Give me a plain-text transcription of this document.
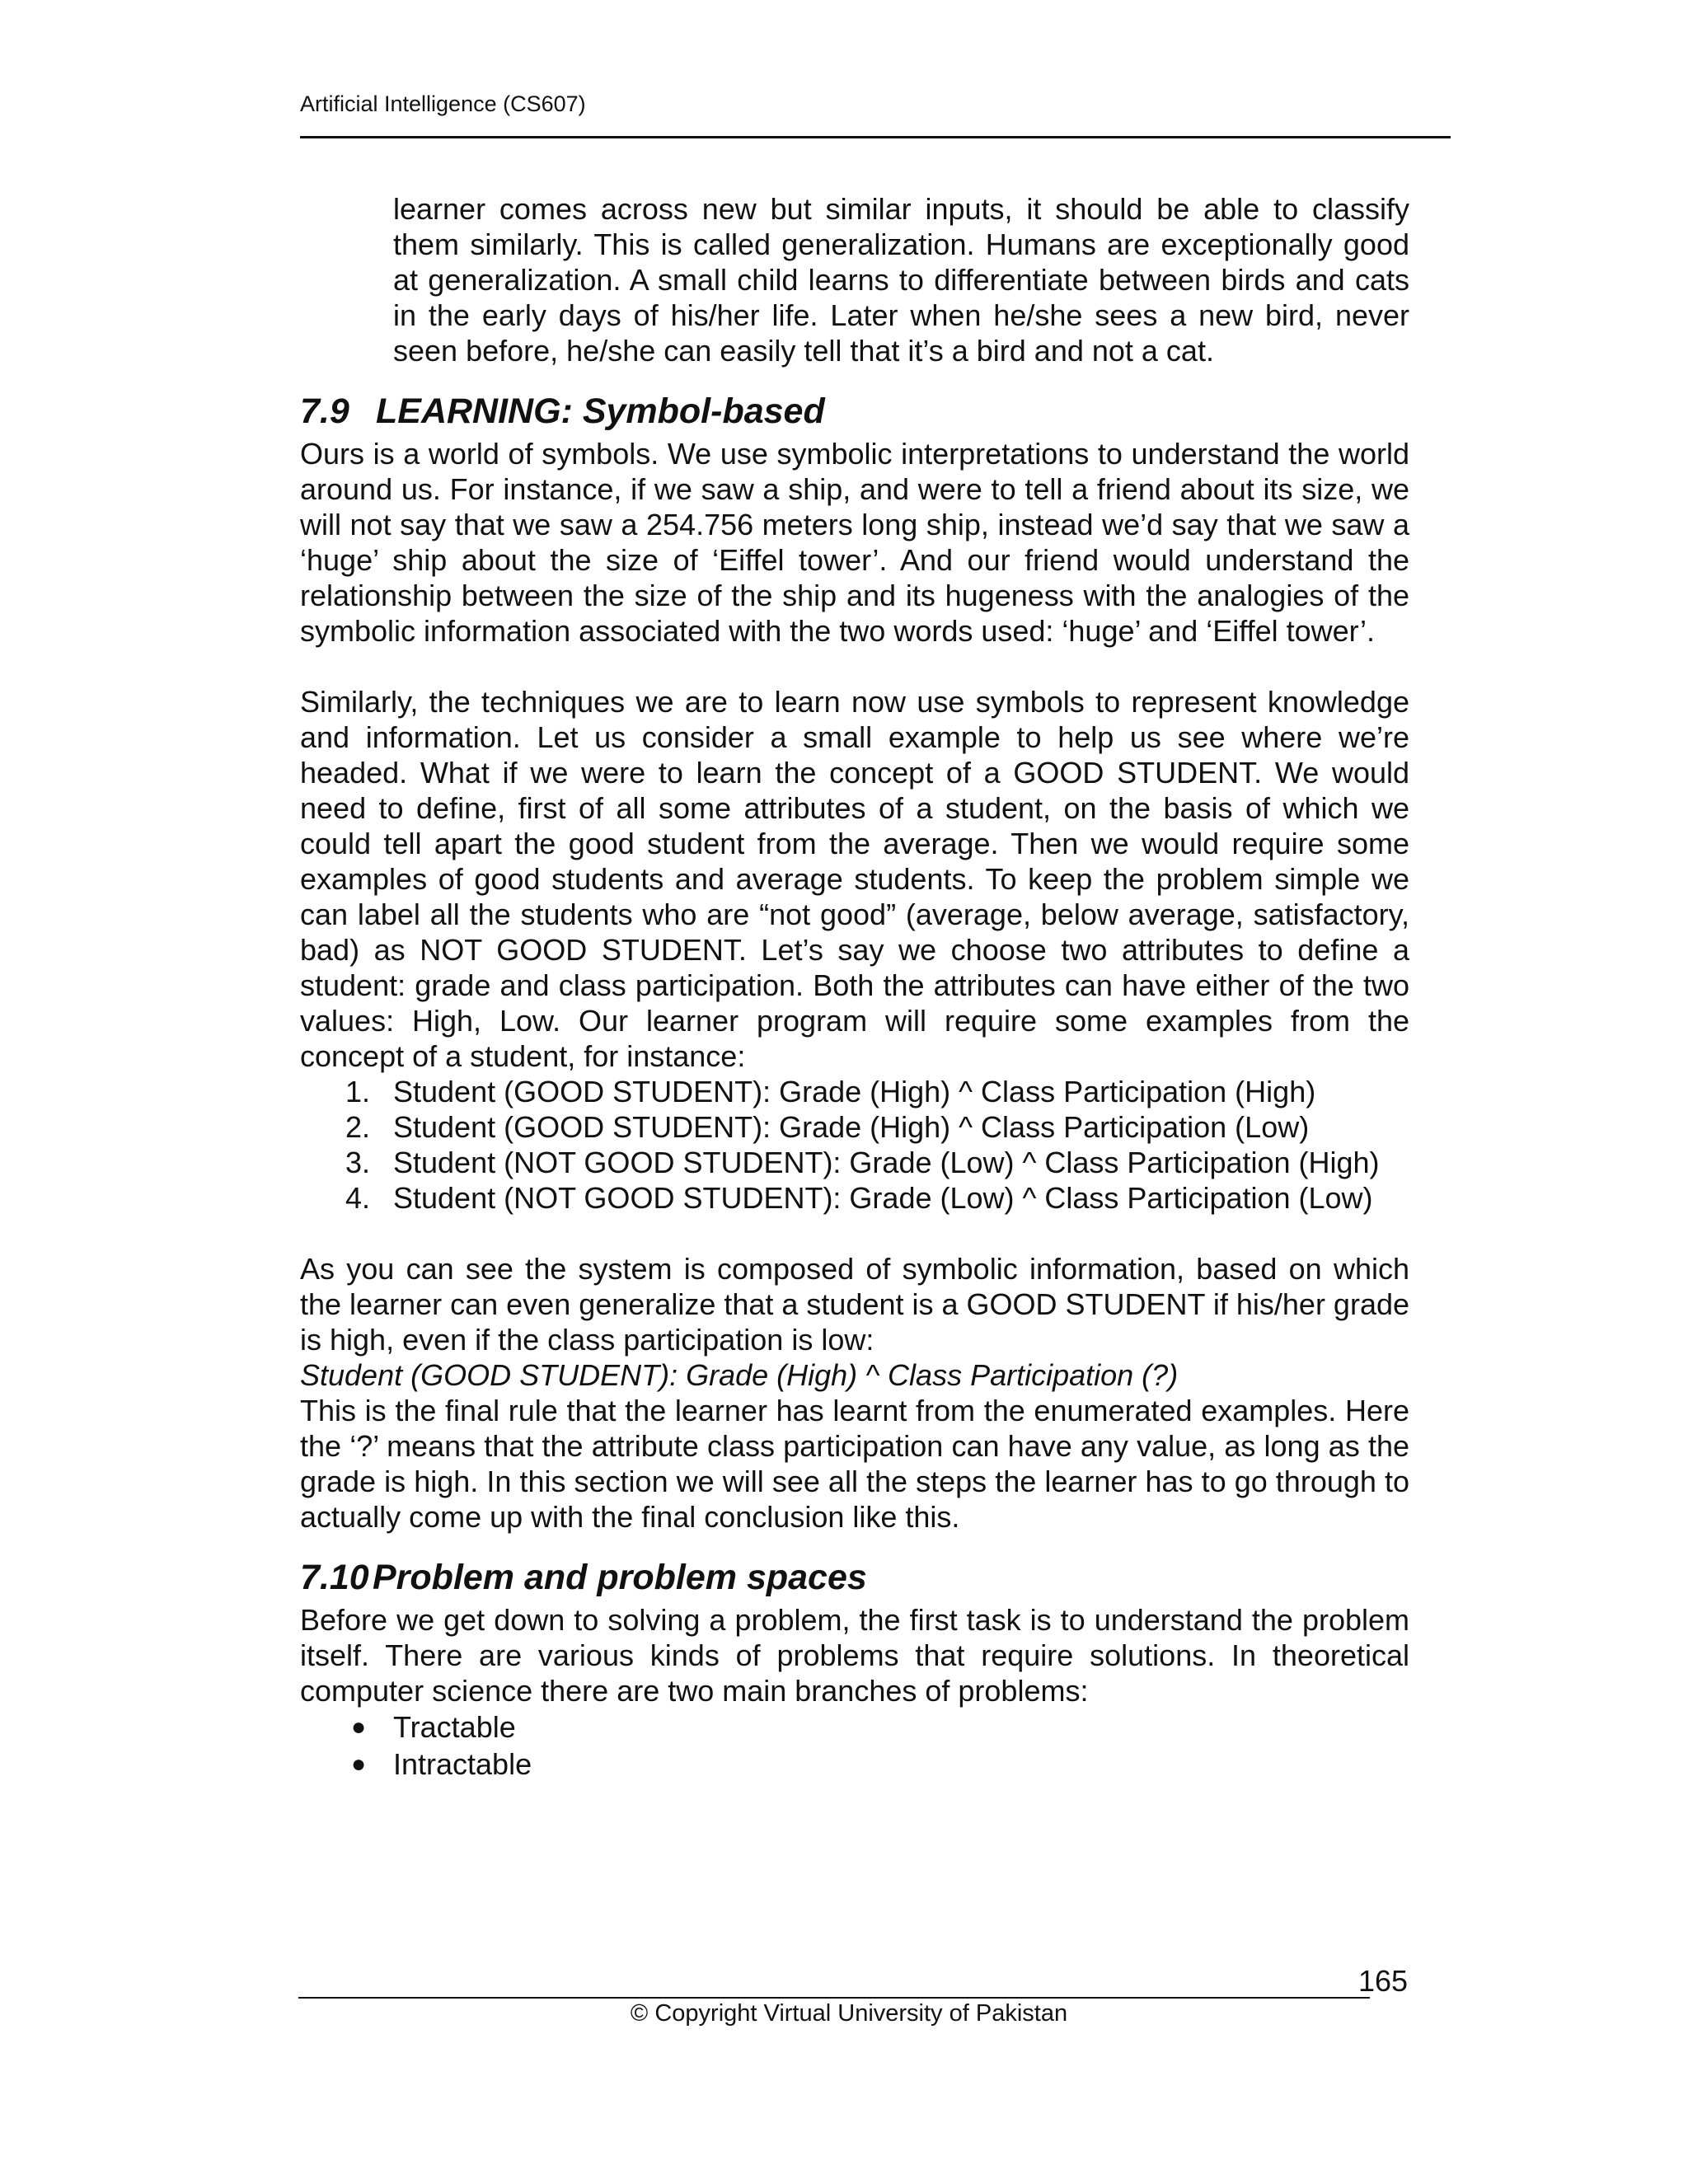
Artificial Intelligence (CS607)

learner comes across new but similar inputs, it should be able to classify them similarly. This is called generalization. Humans are exceptionally good at generalization. A small child learns to differentiate between birds and cats in the early days of his/her life. Later when he/she sees a new bird, never seen before, he/she can easily tell that it’s a bird and not a cat.

7.9 LEARNING: Symbol-based

Ours is a world of symbols. We use symbolic interpretations to understand the world around us. For instance, if we saw a ship, and were to tell a friend about its size, we will not say that we saw a 254.756 meters long ship, instead we’d say that we saw a ‘huge’ ship about the size of ‘Eiffel tower’. And our friend would understand the relationship between the size of the ship and its hugeness with the analogies of the symbolic information associated with the two words used: ‘huge’ and ‘Eiffel tower’.

Similarly, the techniques we are to learn now use symbols to represent knowledge and information. Let us consider a small example to help us see where we’re headed. What if we were to learn the concept of a GOOD STUDENT. We would need to define, first of all some attributes of a student, on the basis of which we could tell apart the good student from the average. Then we would require some examples of good students and average students. To keep the problem simple we can label all the students who are “not good” (average, below average, satisfactory, bad) as NOT GOOD STUDENT. Let’s say we choose two attributes to define a student: grade and class participation. Both the attributes can have either of the two values: High, Low. Our learner program will require some examples from the concept of a student, for instance:

1. Student (GOOD STUDENT): Grade (High) ^ Class Participation (High)
2. Student (GOOD STUDENT): Grade (High) ^ Class Participation (Low)
3. Student (NOT GOOD STUDENT): Grade (Low) ^ Class Participation (High)
4. Student (NOT GOOD STUDENT): Grade (Low) ^ Class Participation (Low)

As you can see the system is composed of symbolic information, based on which the learner can even generalize that a student is a GOOD STUDENT if his/her grade is high, even if the class participation is low:

Student (GOOD STUDENT): Grade (High) ^ Class Participation (?)

This is the final rule that the learner has learnt from the enumerated examples. Here the ‘?’ means that the attribute class participation can have any value, as long as the grade is high. In this section we will see all the steps the learner has to go through to actually come up with the final conclusion like this.

7.10 Problem and problem spaces

Before we get down to solving a problem, the first task is to understand the problem itself. There are various kinds of problems that require solutions. In theoretical computer science there are two main branches of problems:

● Tractable
● Intractable
165
© Copyright Virtual University of Pakistan
